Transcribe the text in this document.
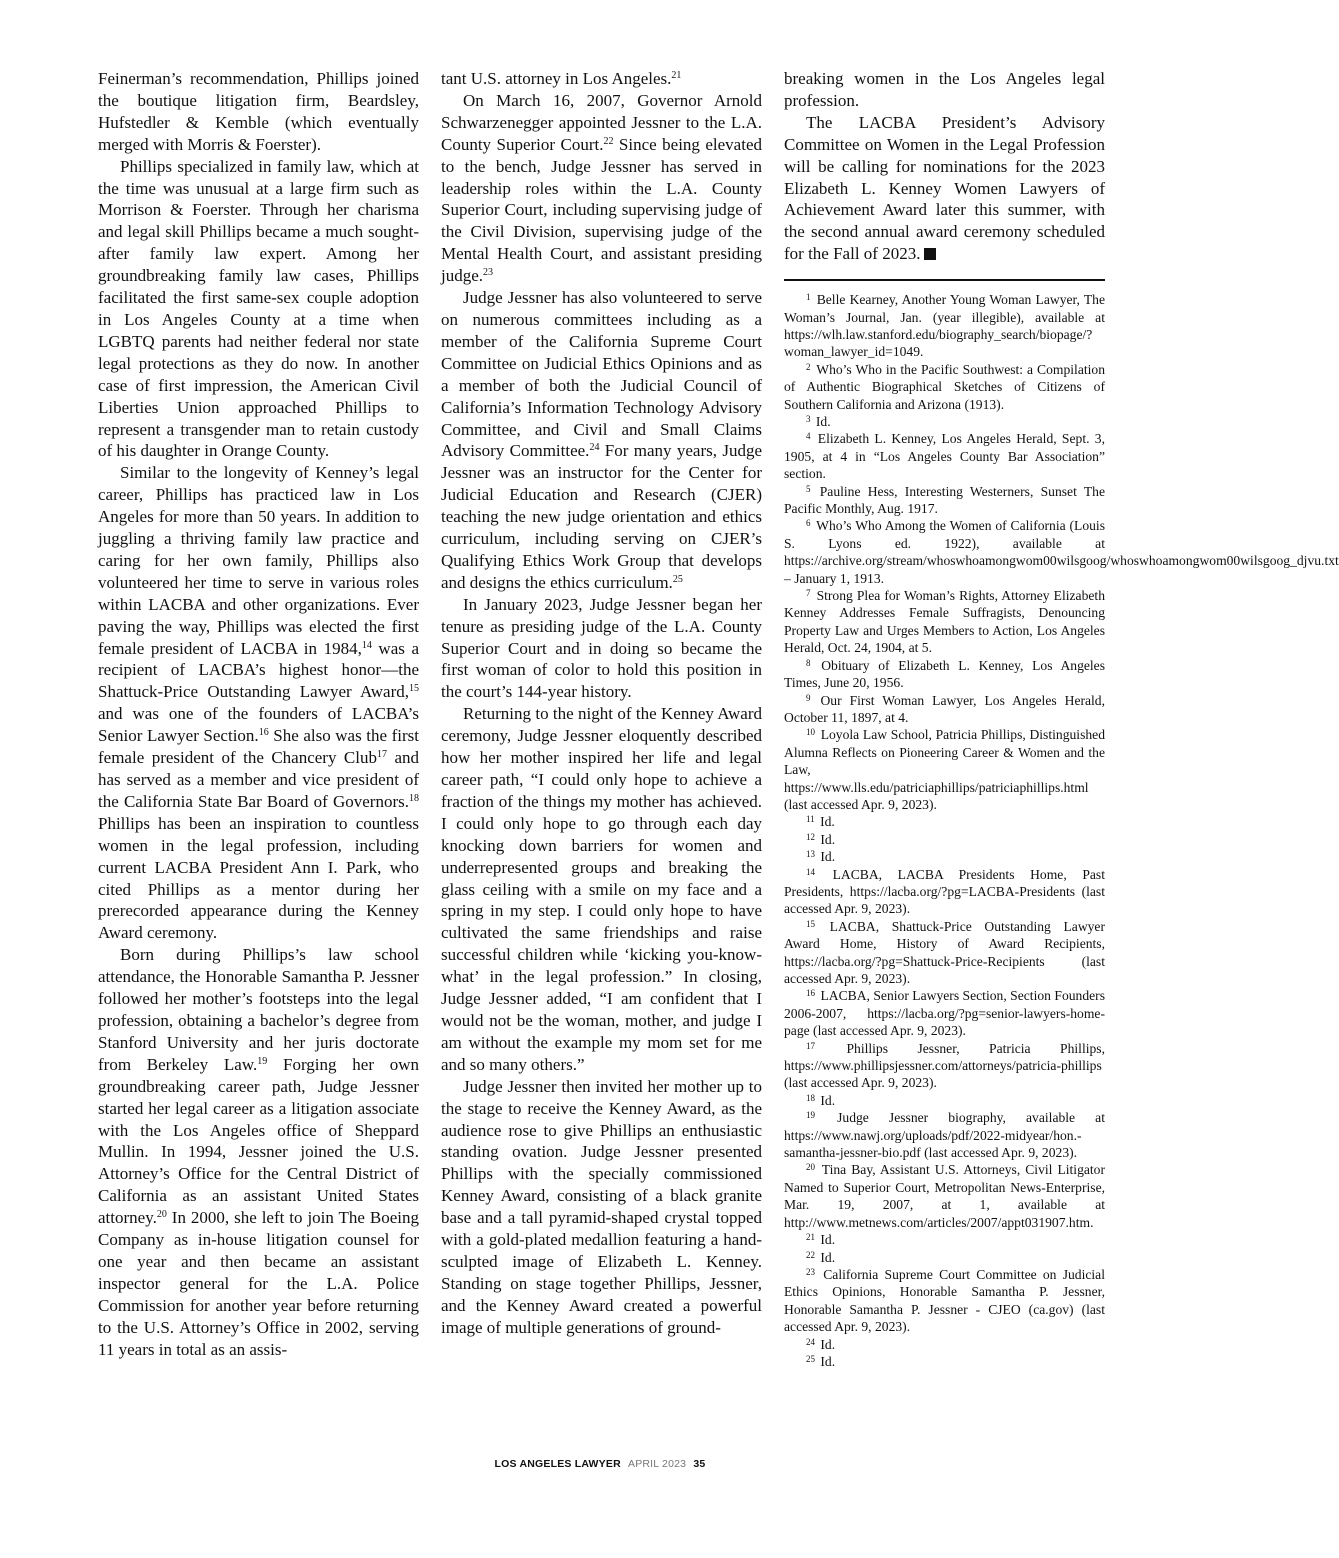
Feinerman’s recommendation, Phillips joined the boutique litigation firm, Beardsley, Hufstedler & Kemble (which eventually merged with Morris & Foerster).

Phillips specialized in family law, which at the time was unusual at a large firm such as Morrison & Foerster. Through her charisma and legal skill Phillips became a much sought-after family law expert. Among her groundbreaking family law cases, Phillips facilitated the first same-sex couple adoption in Los Angeles County at a time when LGBTQ parents had neither federal nor state legal protections as they do now. In another case of first impression, the American Civil Liberties Union approached Phillips to represent a transgender man to retain custody of his daughter in Orange County.

Similar to the longevity of Kenney’s legal career, Phillips has practiced law in Los Angeles for more than 50 years. In addition to juggling a thriving family law practice and caring for her own family, Phillips also volunteered her time to serve in various roles within LACBA and other organizations. Ever paving the way, Phillips was elected the first female president of LACBA in 1984,14 was a recipient of LACBA’s highest honor—the Shattuck-Price Outstanding Lawyer Award,$^{15}$ and was one of the founders of LACBA’s Senior Lawyer Section.$^{16}$ She also was the first female president of the Chancery Club$^{17}$ and has served as a member and vice president of the California State Bar Board of Governors.$^{18}$ Phillips has been an inspiration to countless women in the legal profession, including current LACBA President Ann I. Park, who cited Phillips as a mentor during her prerecorded appearance during the Kenney Award ceremony.

Born during Phillips’s law school attendance, the Honorable Samantha P. Jessner followed her mother’s footsteps into the legal profession, obtaining a bachelor’s degree from Stanford University and her juris doctorate from Berkeley Law.$^{19}$ Forging her own groundbreaking career path, Judge Jessner started her legal career as a litigation associate with the Los Angeles office of Sheppard Mullin. In 1994, Jessner joined the U.S. Attorney’s Office for the Central District of California as an assistant United States attorney.$^{20}$ In 2000, she left to join The Boeing Company as in-house litigation counsel for one year and then became an assistant inspector general for the L.A. Police Commission for another year before returning to the U.S. Attorney’s Office in 2002, serving 11 years in total as an assis-

tant U.S. attorney in Los Angeles.$^{21}$

On March 16, 2007, Governor Arnold Schwarzenegger appointed Jessner to the L.A. County Superior Court.$^{22}$ Since being elevated to the bench, Judge Jessner has served in leadership roles within the L.A. County Superior Court, including supervising judge of the Civil Division, supervising judge of the Mental Health Court, and assistant presiding judge.$^{23}$

Judge Jessner has also volunteered to serve on numerous committees including as a member of the California Supreme Court Committee on Judicial Ethics Opinions and as a member of both the Judicial Council of California’s Information Technology Advisory Committee, and Civil and Small Claims Advisory Committee.$^{24}$ For many years, Judge Jessner was an instructor for the Center for Judicial Education and Research (CJER) teaching the new judge orientation and ethics curriculum, including serving on CJER’s Qualifying Ethics Work Group that develops and designs the ethics curriculum.$^{25}$

In January 2023, Judge Jessner began her tenure as presiding judge of the L.A. County Superior Court and in doing so became the first woman of color to hold this position in the court’s 144-year history.

Returning to the night of the Kenney Award ceremony, Judge Jessner eloquently described how her mother inspired her life and legal career path, “I could only hope to achieve a fraction of the things my mother has achieved. I could only hope to go through each day knocking down barriers for women and underrepresented groups and breaking the glass ceiling with a smile on my face and a spring in my step. I could only hope to have cultivated the same friendships and raise successful children while ‘kicking you-know-what’ in the legal profession.” In closing, Judge Jessner added, “I am confident that I would not be the woman, mother, and judge I am without the example my mom set for me and so many others.”

Judge Jessner then invited her mother up to the stage to receive the Kenney Award, as the audience rose to give Phillips an enthusiastic standing ovation. Judge Jessner presented Phillips with the specially commissioned Kenney Award, consisting of a black granite base and a tall pyramid-shaped crystal topped with a gold-plated medallion featuring a hand-sculpted image of Elizabeth L. Kenney. Standing on stage together Phillips, Jessner, and the Kenney Award created a powerful image of multiple generations of ground-

breaking women in the Los Angeles legal profession.

The LACBA President’s Advisory Committee on Women in the Legal Profession will be calling for nominations for the 2023 Elizabeth L. Kenney Women Lawyers of Achievement Award later this summer, with the second annual award ceremony scheduled for the Fall of 2023.

$^1$ Belle Kearney, Another Young Woman Lawyer, The Woman’s Journal, Jan. (year illegible), available at https://wlh.law.stanford.edu/biography_search/biopage/?woman_lawyer_id=1049.

$^2$ Who’s Who in the Pacific Southwest: a Compilation of Authentic Biographical Sketches of Citizens of Southern California and Arizona (1913).

$^3$ Id.

$^4$ Elizabeth L. Kenney, Los Angeles Herald, Sept. 3, 1905, at 4 in “Los Angeles County Bar Association” section.

$^5$ Pauline Hess, Interesting Westerners, Sunset The Pacific Monthly, Aug. 1917.

$^6$ Who’s Who Among the Women of California (Louis S. Lyons ed. 1922), available at https://archive.org/stream/whoswhoamongwom00wilsgoog/whoswhoamongwom00wilsgoog_djvu.txt – January 1, 1913.

$^7$ Strong Plea for Woman’s Rights, Attorney Elizabeth Kenney Addresses Female Suffragists, Denouncing Property Law and Urges Members to Action, Los Angeles Herald, Oct. 24, 1904, at 5.

$^8$ Obituary of Elizabeth L. Kenney, Los Angeles Times, June 20, 1956.

$^9$ Our First Woman Lawyer, Los Angeles Herald, October 11, 1897, at 4.

$^{10}$ Loyola Law School, Patricia Phillips, Distinguished Alumna Reflects on Pioneering Career & Women and the Law, https://www.lls.edu/patriciaphillips/patriciaphillips.html (last accessed Apr. 9, 2023).

$^{11}$ Id.

$^{12}$ Id.

$^{13}$ Id.

$^{14}$ LACBA, LACBA Presidents Home, Past Presidents, https://lacba.org/?pg=LACBA-Presidents (last accessed Apr. 9, 2023).

$^{15}$ LACBA, Shattuck-Price Outstanding Lawyer Award Home, History of Award Recipients, https://lacba.org/?pg=Shattuck-Price-Recipients (last accessed Apr. 9, 2023).

$^{16}$ LACBA, Senior Lawyers Section, Section Founders 2006-2007, https://lacba.org/?pg=senior-lawyers-home-page (last accessed Apr. 9, 2023).

$^{17}$ Phillips Jessner, Patricia Phillips, https://www.phillipsjessner.com/attorneys/patricia-phillips (last accessed Apr. 9, 2023).

$^{18}$ Id.

$^{19}$ Judge Jessner biography, available at https://www.nawj.org/uploads/pdf/2022-midyear/hon.-samantha-jessner-bio.pdf (last accessed Apr. 9, 2023).

$^{20}$ Tina Bay, Assistant U.S. Attorneys, Civil Litigator Named to Superior Court, Metropolitan News-Enterprise, Mar. 19, 2007, at 1, available at http://www.metnews.com/articles/2007/appt031907.htm.

$^{21}$ Id.

$^{22}$ Id.

$^{23}$ California Supreme Court Committee on Judicial Ethics Opinions, Honorable Samantha P. Jessner, Honorable Samantha P. Jessner - CJEO (ca.gov) (last accessed Apr. 9, 2023).

$^{24}$ Id.

$^{25}$ Id.

LOS ANGELES LAWYER APRIL 2023 35
